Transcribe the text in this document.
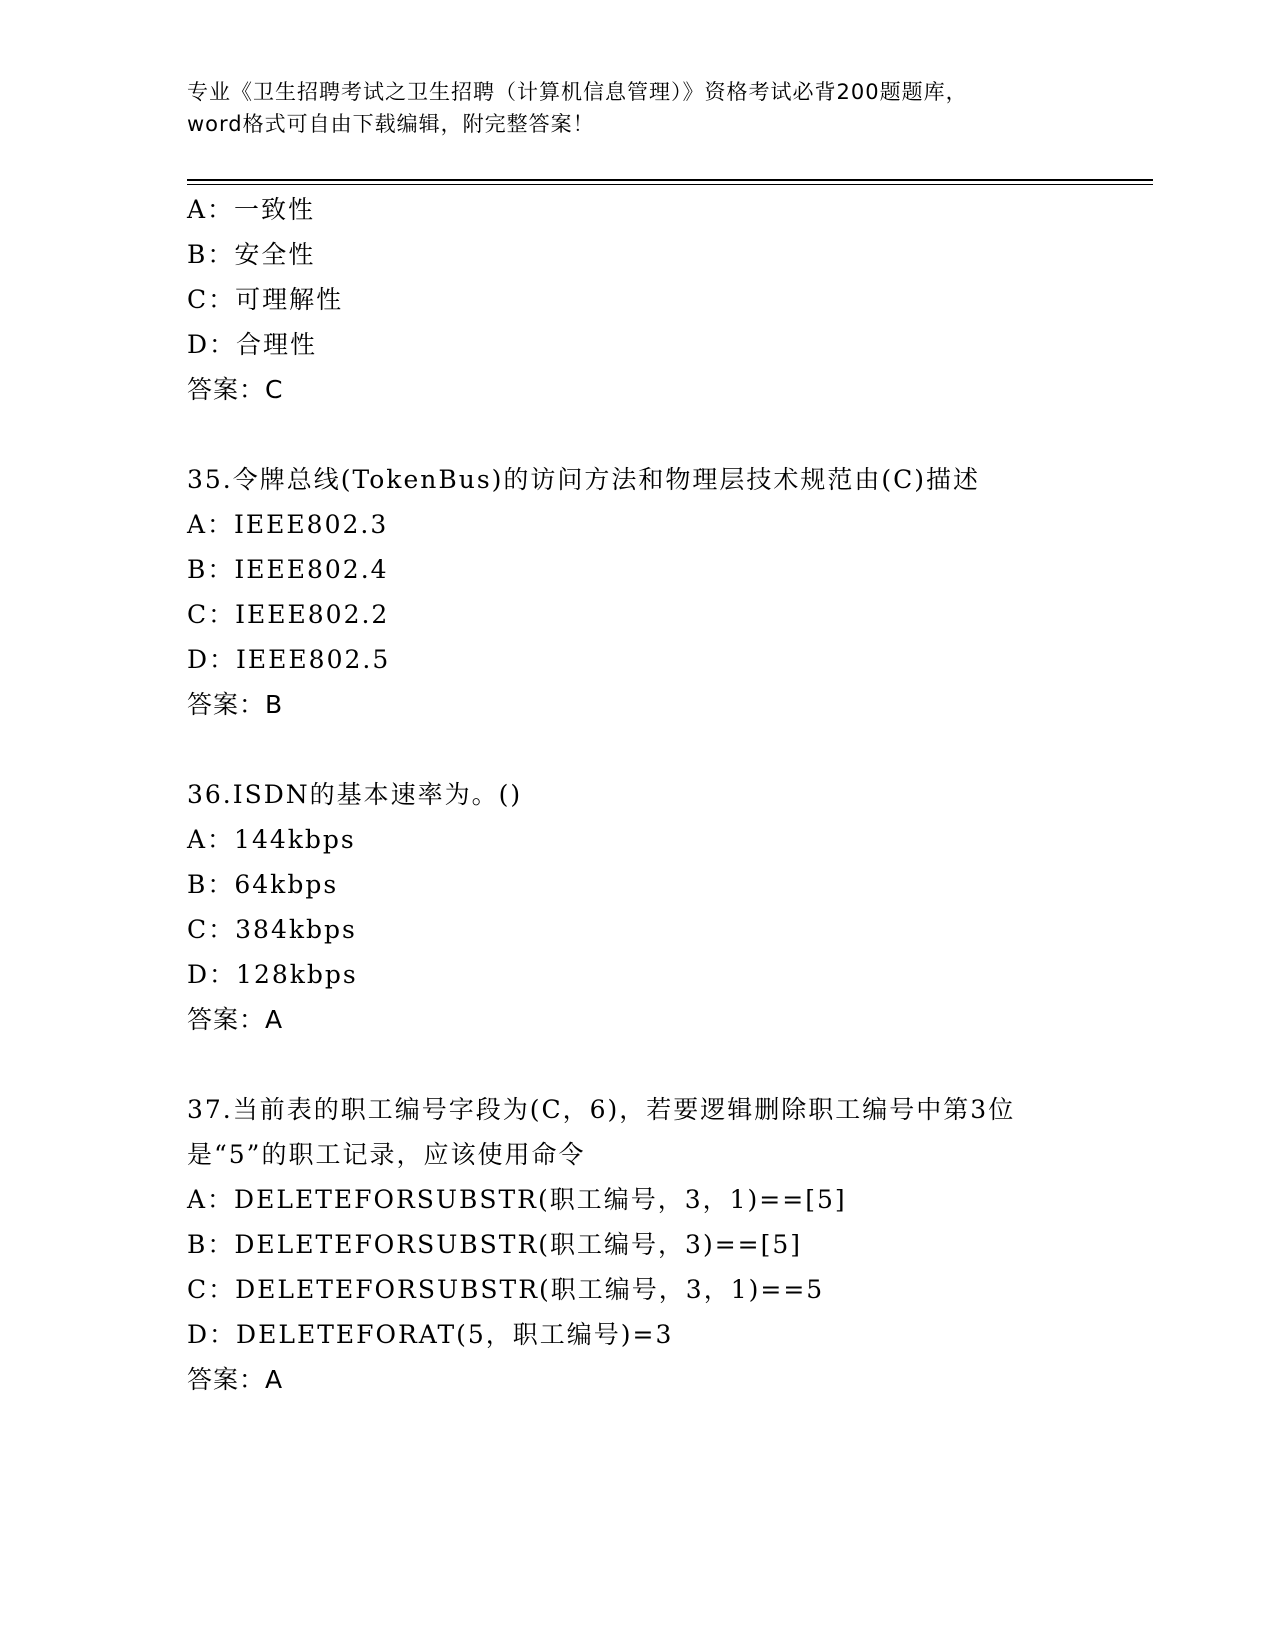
专业《卫生招聘考试之卫生招聘（计算机信息管理）》资格考试必背200题题库，
word格式可自由下载编辑，附完整答案！
A：一致性
B：安全性
C：可理解性
D：合理性
答案：C
35.令牌总线(TokenBus)的访问方法和物理层技术规范由(C)描述
A：IEEE802.3
B：IEEE802.4
C：IEEE802.2
D：IEEE802.5
答案：B
36.ISDN的基本速率为。()
A：144kbps
B：64kbps
C：384kbps
D：128kbps
答案：A
37.当前表的职工编号字段为(C，6)，若要逻辑删除职工编号中第3位
是“5”的职工记录，应该使用命令
A：DELETEFORSUBSTR(职工编号，3，1)==[5]
B：DELETEFORSUBSTR(职工编号，3)==[5]
C：DELETEFORSUBSTR(职工编号，3，1)==5
D：DELETEFORAT(5，职工编号)=3
答案：A
